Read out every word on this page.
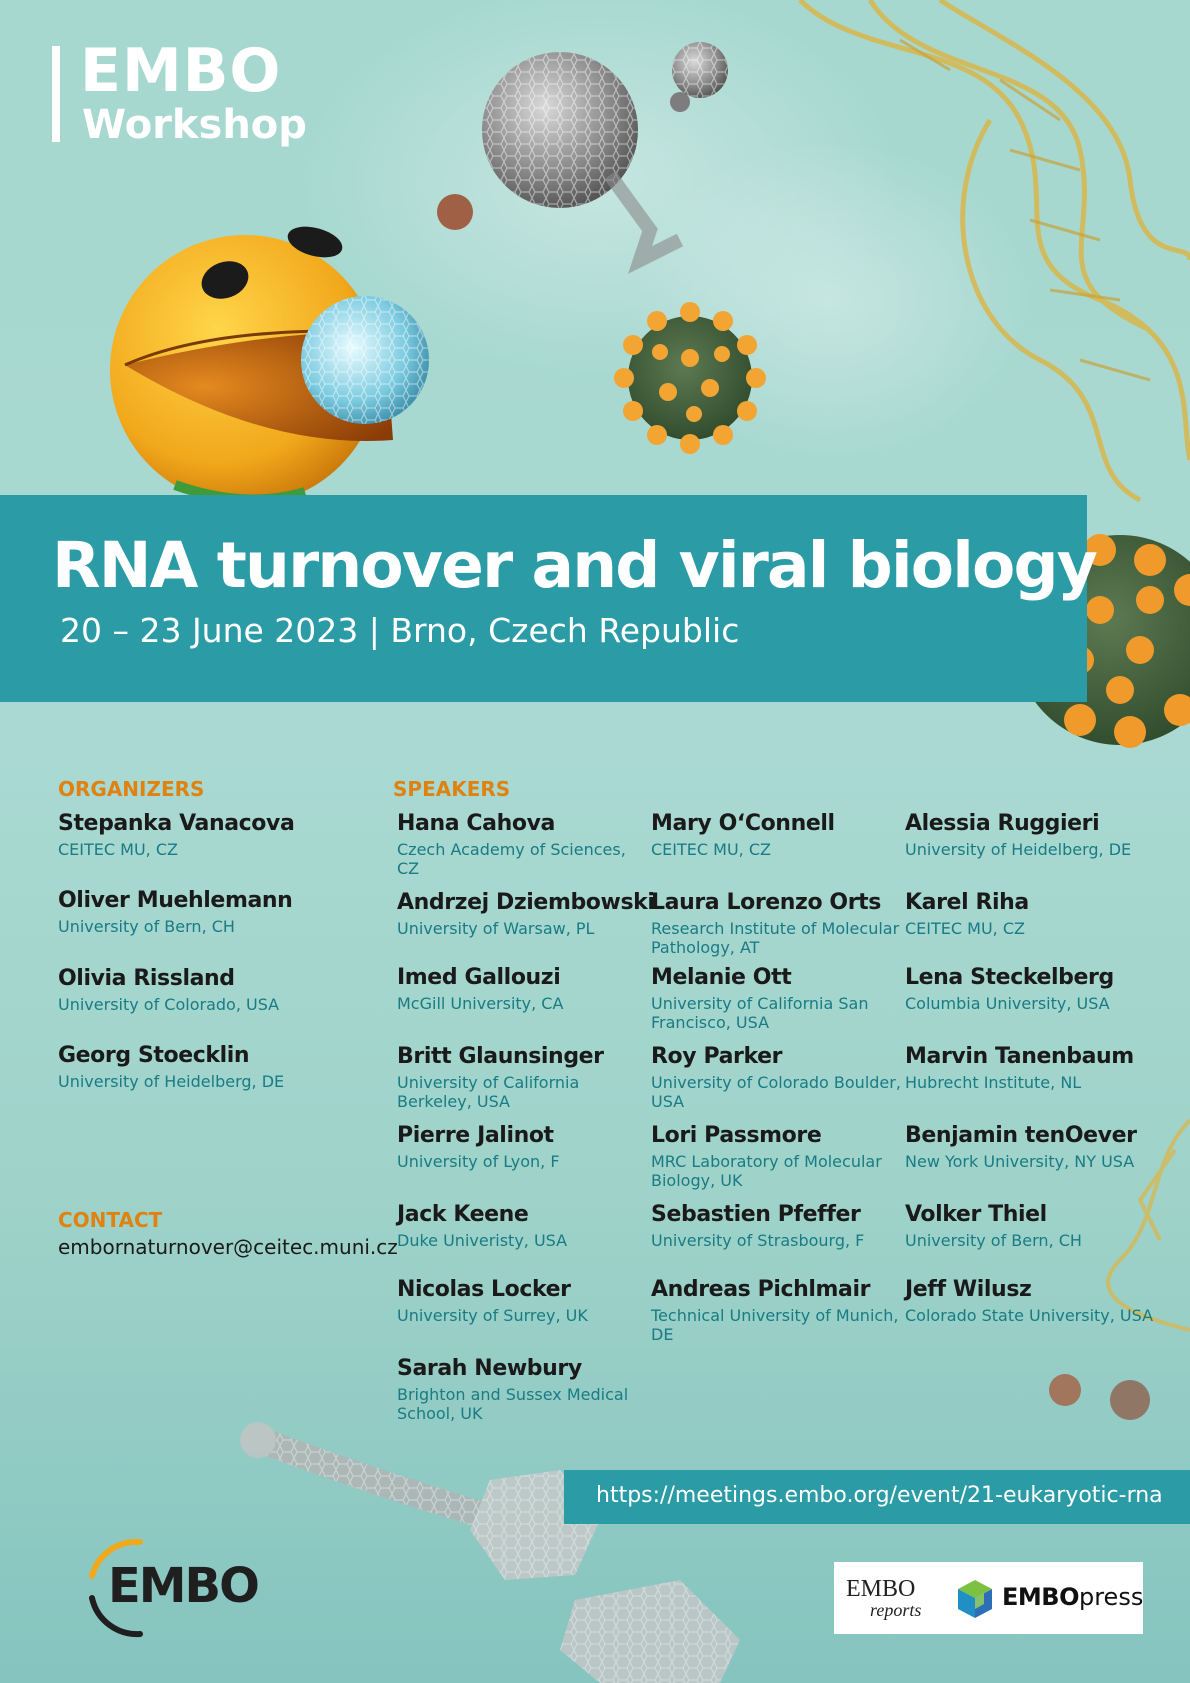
EMBO
Workshop
RNA turnover and viral biology
20 – 23 June 2023 | Brno, Czech Republic
ORGANIZERS
Stepanka Vanacova
CEITEC MU, CZ
Oliver Muehlemann
University of Bern, CH
Olivia Rissland
University of Colorado, USA
Georg Stoecklin
University of Heidelberg, DE
CONTACT
embornaturnover@ceitec.muni.cz
SPEAKERS
Hana Cahova
Czech Academy of Sciences, CZ
Andrzej Dziembowski
University of Warsaw, PL
Imed Gallouzi
McGill University, CA
Britt Glaunsinger
University of California Berkeley, USA
Pierre Jalinot
University of Lyon, F
Jack Keene
Duke Univeristy, USA
Nicolas Locker
University of Surrey, UK
Sarah Newbury
Brighton and Sussex Medical School, UK
Mary O‘Connell
CEITEC MU, CZ
Laura Lorenzo Orts
Research Institute of Molecular Pathology, AT
Melanie Ott
University of California San Francisco, USA
Roy Parker
University of Colorado Boulder, USA
Lori Passmore
MRC Laboratory of Molecular Biology, UK
Sebastien Pfeffer
University of Strasbourg, F
Andreas Pichlmair
Technical University of Munich, DE
Alessia Ruggieri
University of Heidelberg, DE
Karel Riha
CEITEC MU, CZ
Lena Steckelberg
Columbia University, USA
Marvin Tanenbaum
Hubrecht Institute, NL
Benjamin tenOever
New York University, NY USA
Volker Thiel
University of Bern, CH
Jeff Wilusz
Colorado State University, USA
https://meetings.embo.org/event/21-eukaryotic-rna
EMBO	EMBO
reports	EMBOpress
